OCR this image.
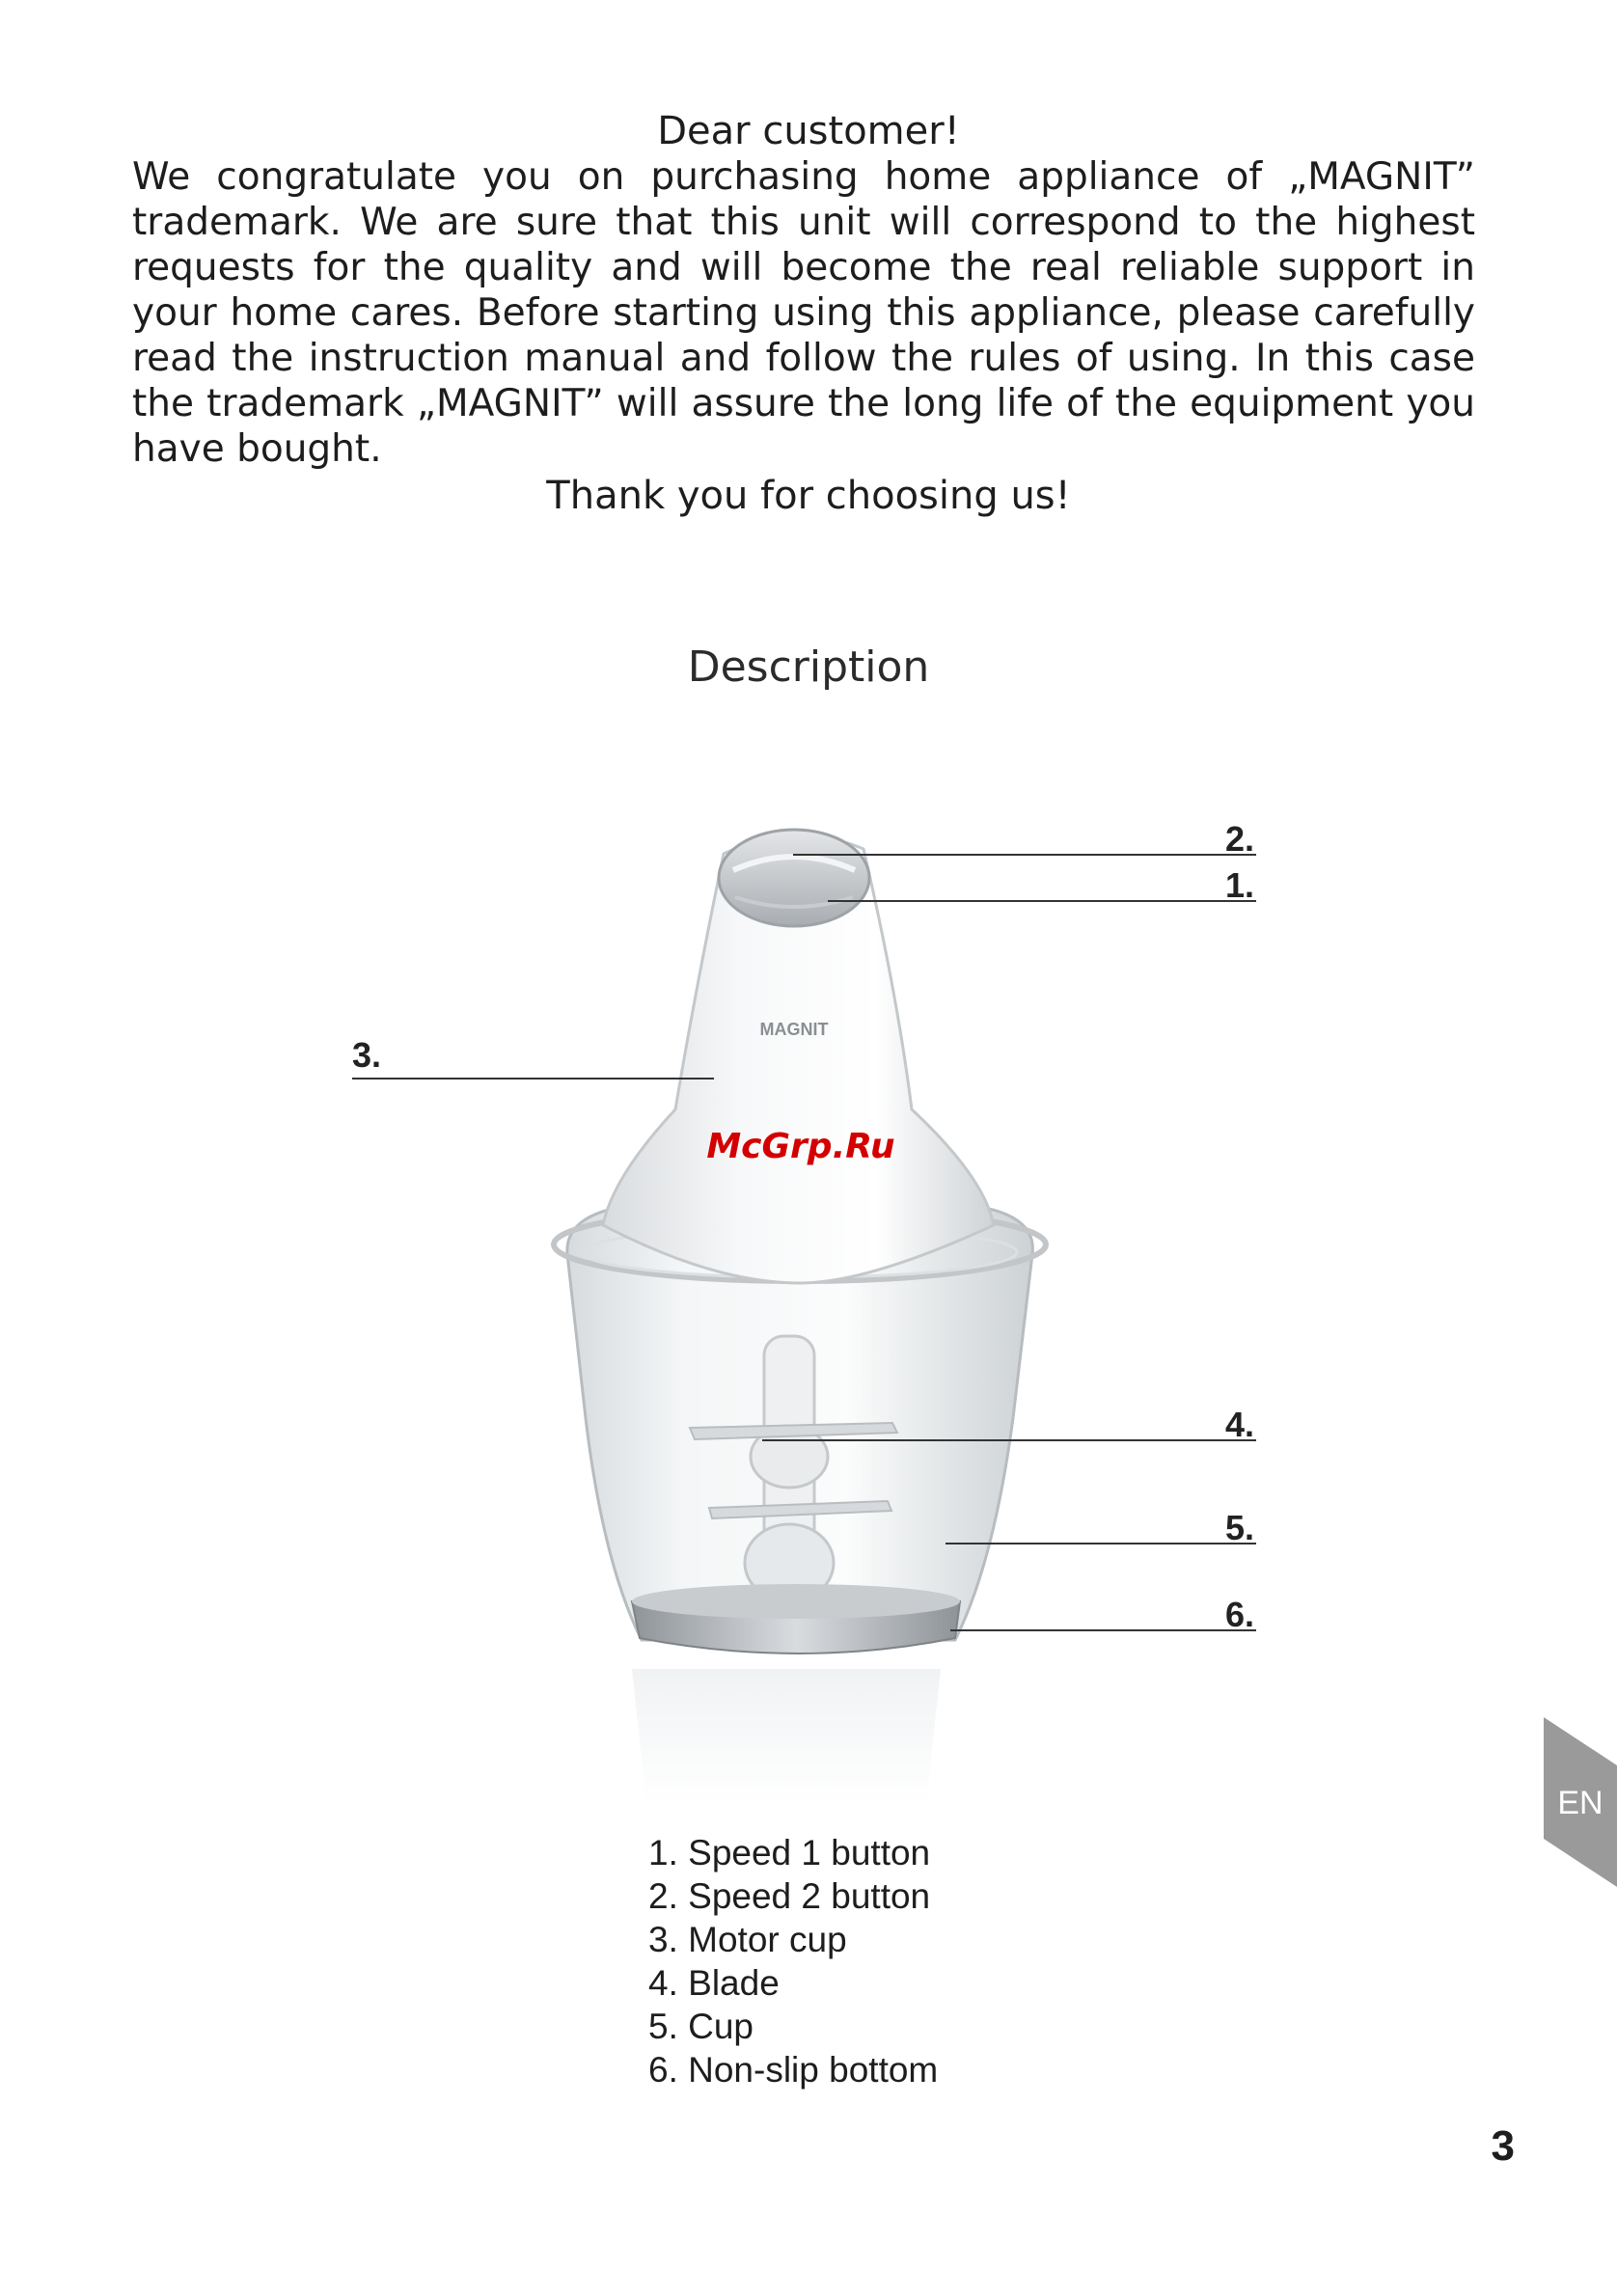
Dear customer!

We congratulate you on purchasing home appliance of „MAGNIT” trademark. We are sure that this unit will correspond to the highest requests for the quality and will become the real reliable support in your home cares. Before starting using this appliance, please carefully read the instruction manual and follow the rules of using. In this case the trademark „MAGNIT” will assure the long life of the equipment you have bought.

Thank you for choosing us!
Description
MAGNIT
McGrp.Ru
2.
1.
3.
4.
5.
6.
1. Speed 1 button
2. Speed 2 button
3. Motor cup
4. Blade
5. Cup
6. Non-slip bottom
EN
3
